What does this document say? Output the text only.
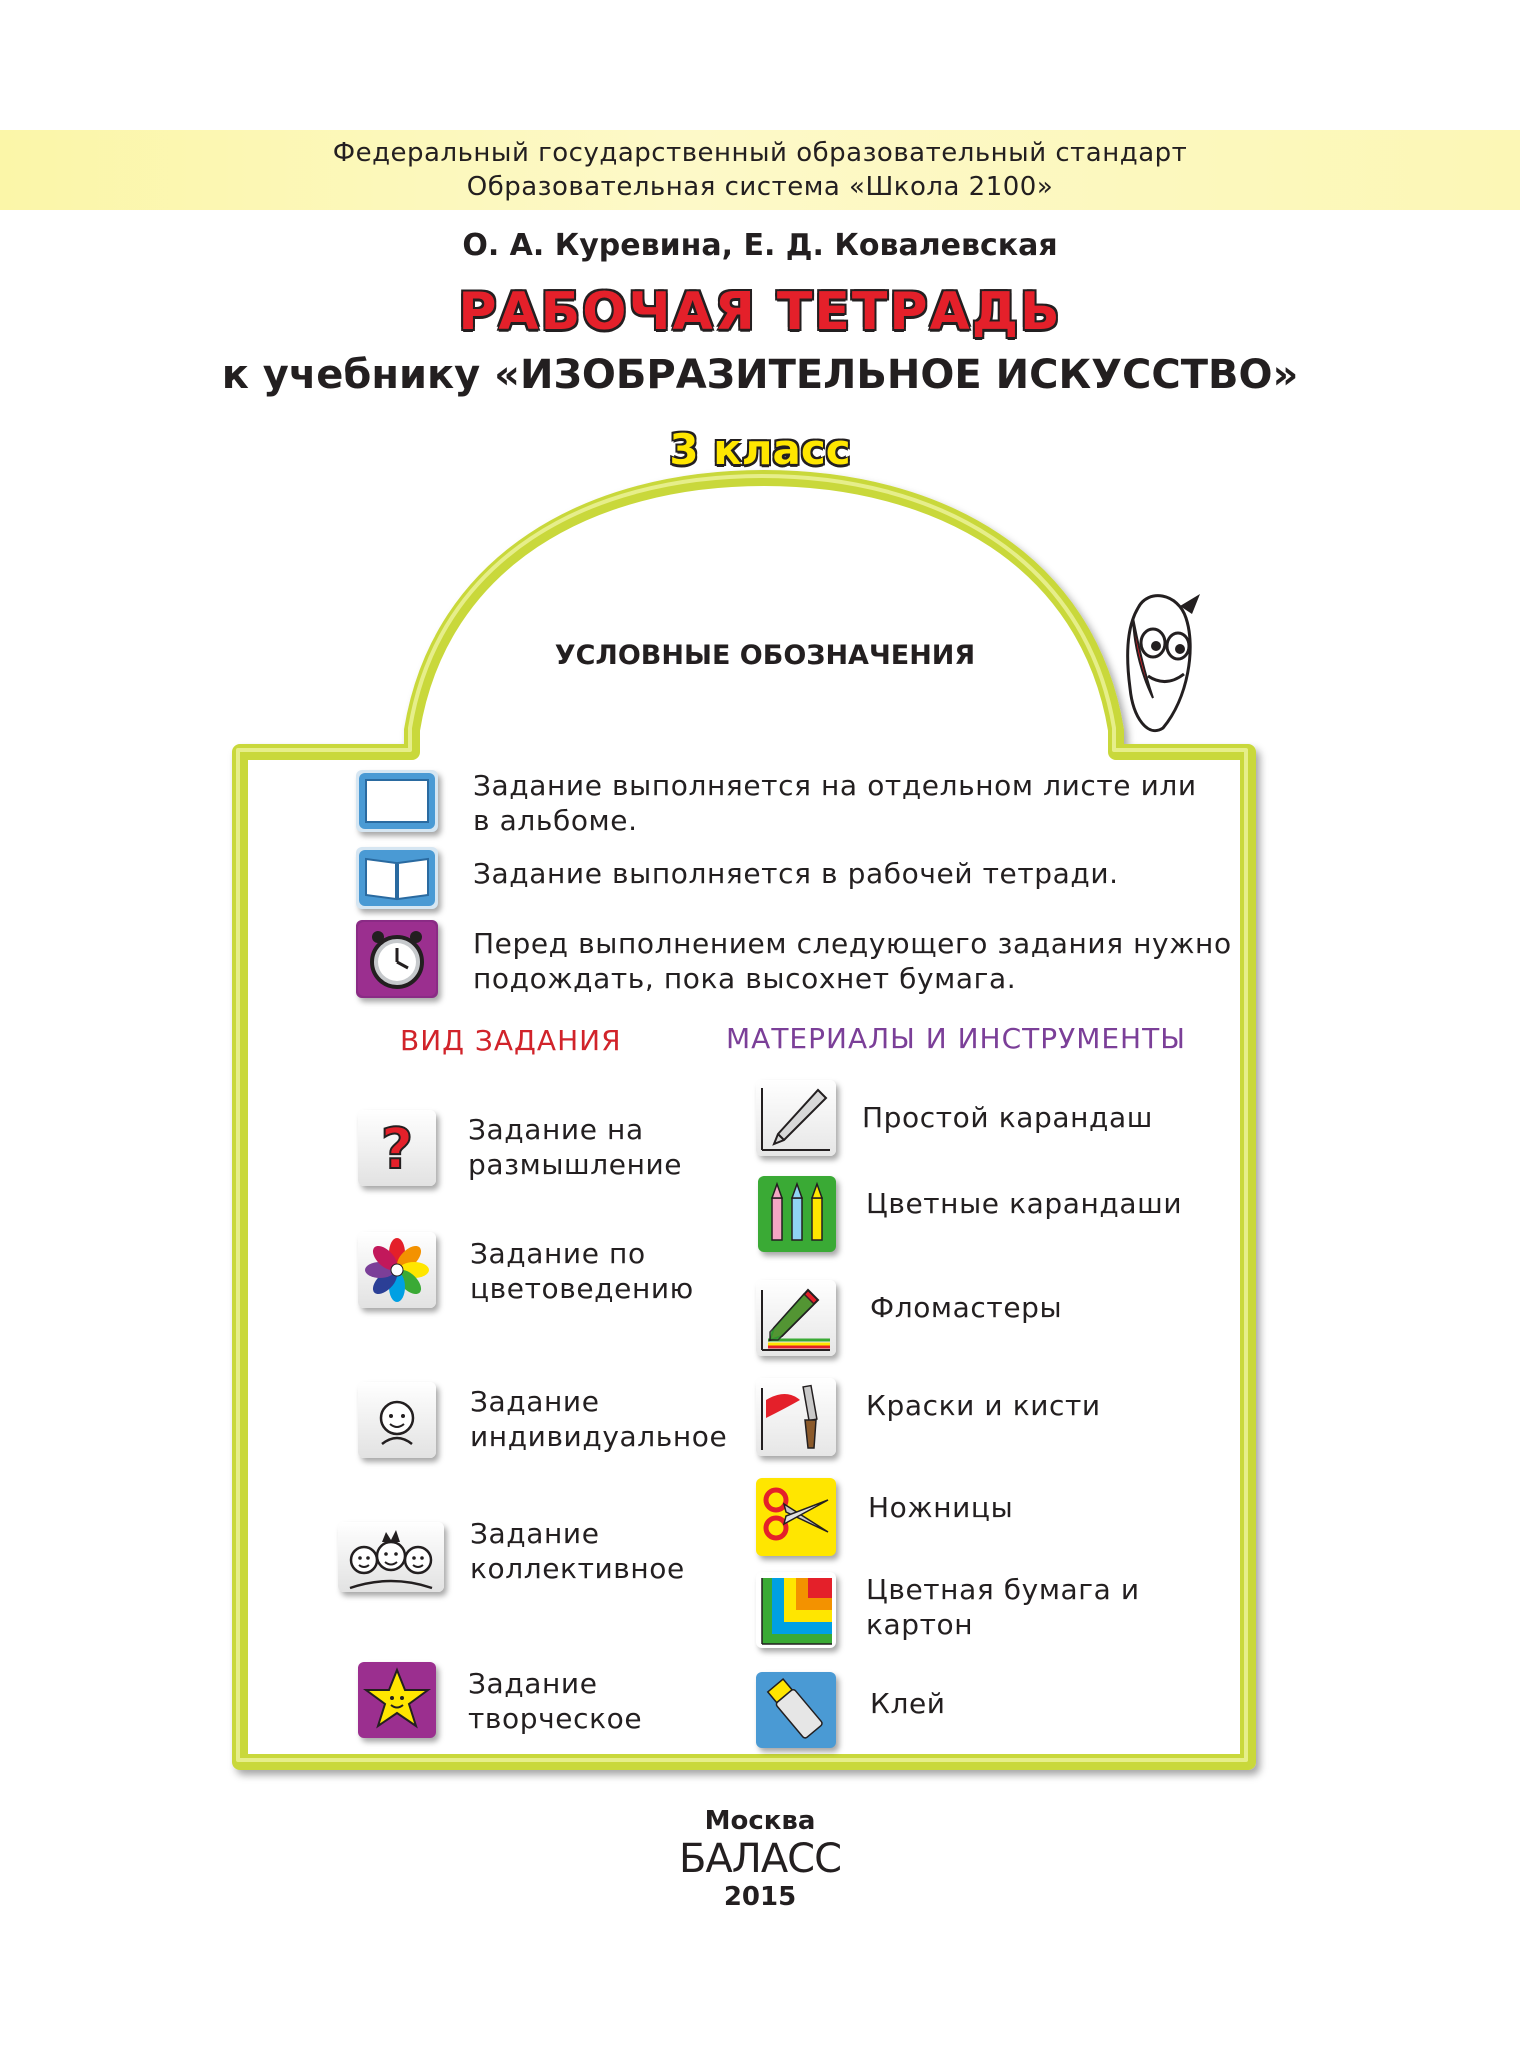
Федеральный государственный образовательный стандарт
Образовательная система «Школа 2100»
О. А. Куревина, Е. Д. Ковалевская
РАБОЧАЯ ТЕТРАДЬ
к учебнику «ИЗОБРАЗИТЕЛЬНОЕ ИСКУССТВО»
3 класс
УСЛОВНЫЕ ОБОЗНАЧЕНИЯ
Задание выполняется на отдельном листе или
в альбоме.
Задание выполняется в рабочей тетради.
Перед выполнением следующего задания нужно
подождать, пока высохнет бумага.
ВИД ЗАДАНИЯ	МАТЕРИАЛЫ И ИНСТРУМЕНТЫ
? Задание на
размышление
Задание по
цветоведению
Задание
индивидуальное
Задание
коллективное
Задание
творческое
Простой карандаш
Цветные карандаши
Фломастеры
Краски и кисти
Ножницы
Цветная бумага и
картон
Клей
Москва
БАЛАСС
2015
